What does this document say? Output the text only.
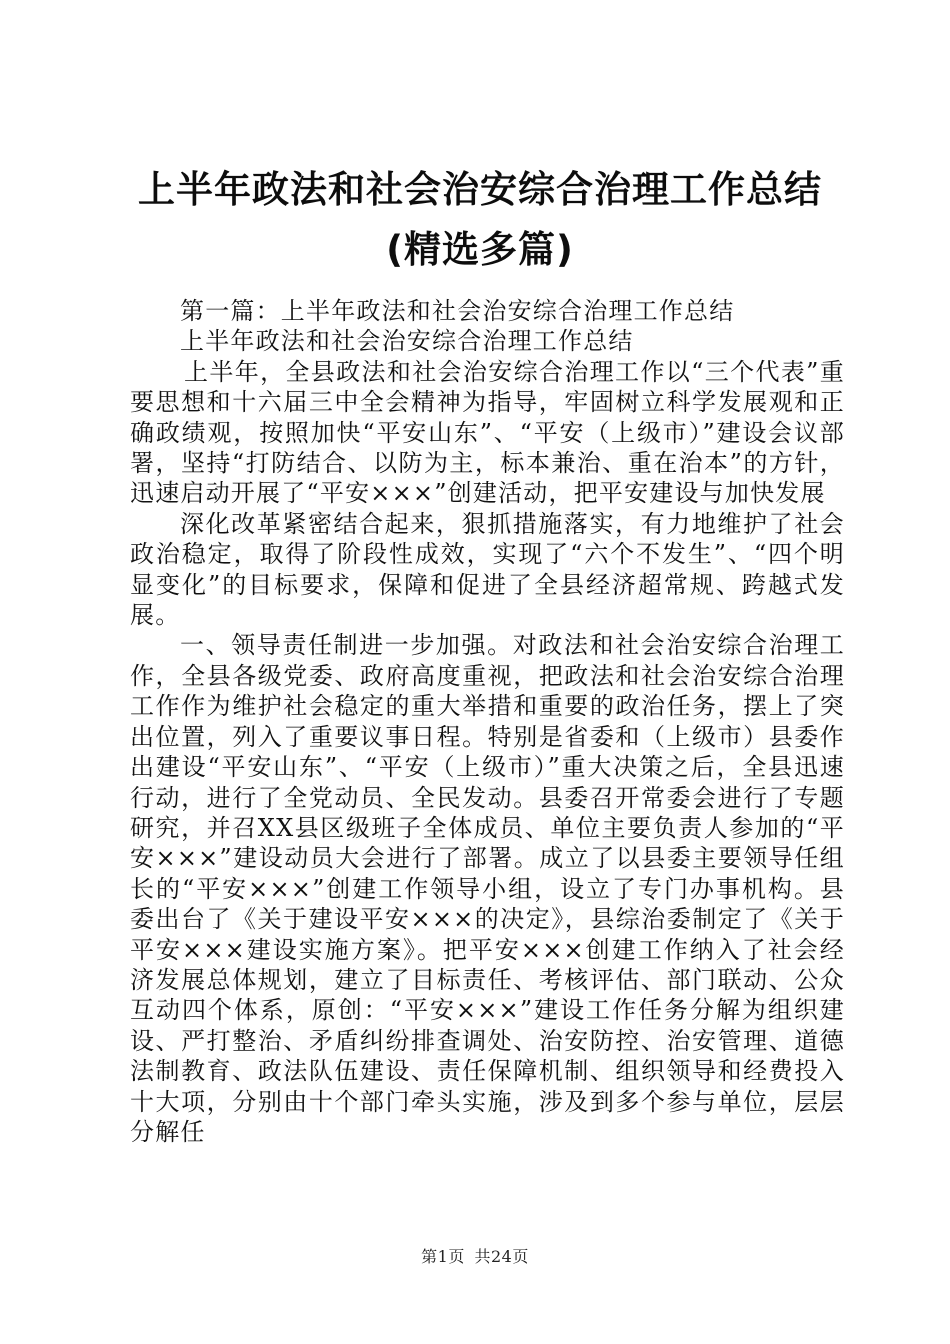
上半年政法和社会治安综合治理工作总结(精选多篇)

第一篇：上半年政法和社会治安综合治理工作总结

上半年政法和社会治安综合治理工作总结

上半年，全县政法和社会治安综合治理工作以“三个代表”重要思想和十六届三中全会精神为指导，牢固树立科学发展观和正确政绩观，按照加快“平安山东”、“平安（上级市）”建设会议部署，坚持“打防结合、以防为主，标本兼治、重在治本”的方针，迅速启动开展了“平安×××”创建活动，把平安建设与加快发展

深化改革紧密结合起来，狠抓措施落实，有力地维护了社会政治稳定，取得了阶段性成效，实现了“六个不发生”、“四个明显变化”的目标要求，保障和促进了全县经济超常规、跨越式发展。

一、领导责任制进一步加强。对政法和社会治安综合治理工作，全县各级党委、政府高度重视，把政法和社会治安综合治理工作作为维护社会稳定的重大举措和重要的政治任务，摆上了突出位置，列入了重要议事日程。特别是省委和（上级市）县委作出建设“平安山东”、“平安（上级市）”重大决策之后，全县迅速行动，进行了全党动员、全民发动。县委召开常委会进行了专题研究，并召XX县区级班子全体成员、单位主要负责人参加的“平安×××”建设动员大会进行了部署。成立了以县委主要领导任组长的“平安×××”创建工作领导小组，设立了专门办事机构。县委出台了《关于建设平安×××的决定》，县综治委制定了《关于平安×××建设实施方案》。把平安×××创建工作纳入了社会经济发展总体规划，建立了目标责任、考核评估、部门联动、公众互动四个体系，原创：“平安×××”建设工作任务分解为组织建设、严打整治、矛盾纠纷排查调处、治安防控、治安管理、道德法制教育、政法队伍建设、责任保障机制、组织领导和经费投入十大项，分别由十个部门牵头实施，涉及到多个参与单位，层层分解任

第1页 共24页
